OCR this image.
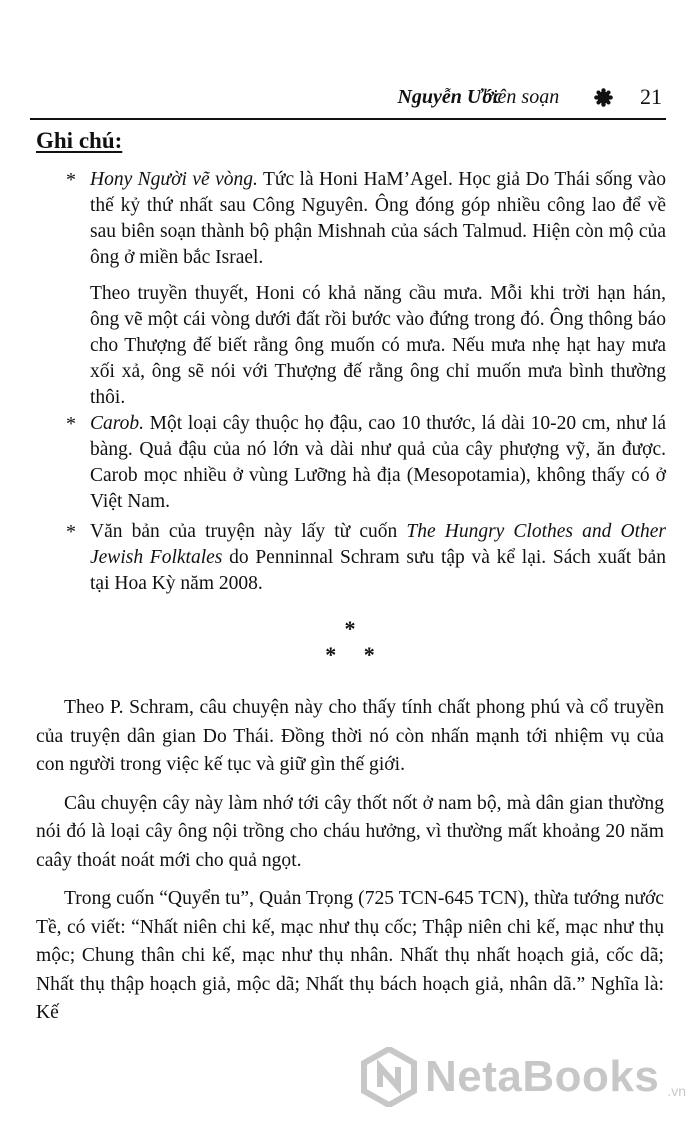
Nguyễn Ước
biên soạn	21
Ghi chú:
* Hony Người vẽ vòng. Tức là Honi HaM’Agel. Học giả Do Thái sống vào thế kỷ thứ nhất sau Công Nguyên. Ông đóng góp nhiều công lao để về sau biên soạn thành bộ phận Mishnah của sách Talmud. Hiện còn mộ của ông ở miền bắc Israel.

Theo truyền thuyết, Honi có khả năng cầu mưa. Mỗi khi trời hạn hán, ông vẽ một cái vòng dưới đất rồi bước vào đứng trong đó. Ông thông báo cho Thượng đế biết rằng ông muốn có mưa. Nếu mưa nhẹ hạt hay mưa xối xả, ông sẽ nói với Thượng đế rằng ông chỉ muốn mưa bình thường thôi.

* Carob. Một loại cây thuộc họ đậu, cao 10 thước, lá dài 10-20 cm, như lá bàng. Quả đậu của nó lớn và dài như quả của cây phượng vỹ, ăn được. Carob mọc nhiều ở vùng Lưỡng hà địa (Mesopotamia), không thấy có ở Việt Nam.

* Văn bản của truyện này lấy từ cuốn The Hungry Clothes and Other Jewish Folktales do Penninnal Schram sưu tập và kể lại. Sách xuất bản tại Hoa Kỳ năm 2008.

*
*     *

Theo P. Schram, câu chuyện này cho thấy tính chất phong phú và cổ truyền của truyện dân gian Do Thái. Đồng thời nó còn nhấn mạnh tới nhiệm vụ của con người trong việc kế tục và giữ gìn thế giới.

Câu chuyện cây này làm nhớ tới cây thốt nốt ở nam bộ, mà dân gian thường nói đó là loại cây ông nội trồng cho cháu hưởng, vì thường mất khoảng 20 năm caây thoát noát mới cho quả ngọt.

Trong cuốn “Quyển tu”, Quản Trọng (725 TCN-645 TCN), thừa tướng nước Tề, có viết: “Nhất niên chi kế, mạc như thụ cốc; Thập niên chi kế, mạc như thụ mộc; Chung thân chi kế, mạc như thụ nhân. Nhất thụ nhất hoạch giả, cốc dã; Nhất thụ thập hoạch giả, mộc dã; Nhất thụ bách hoạch giả, nhân dã.” Nghĩa là: Kế

NetaBooks .vn
